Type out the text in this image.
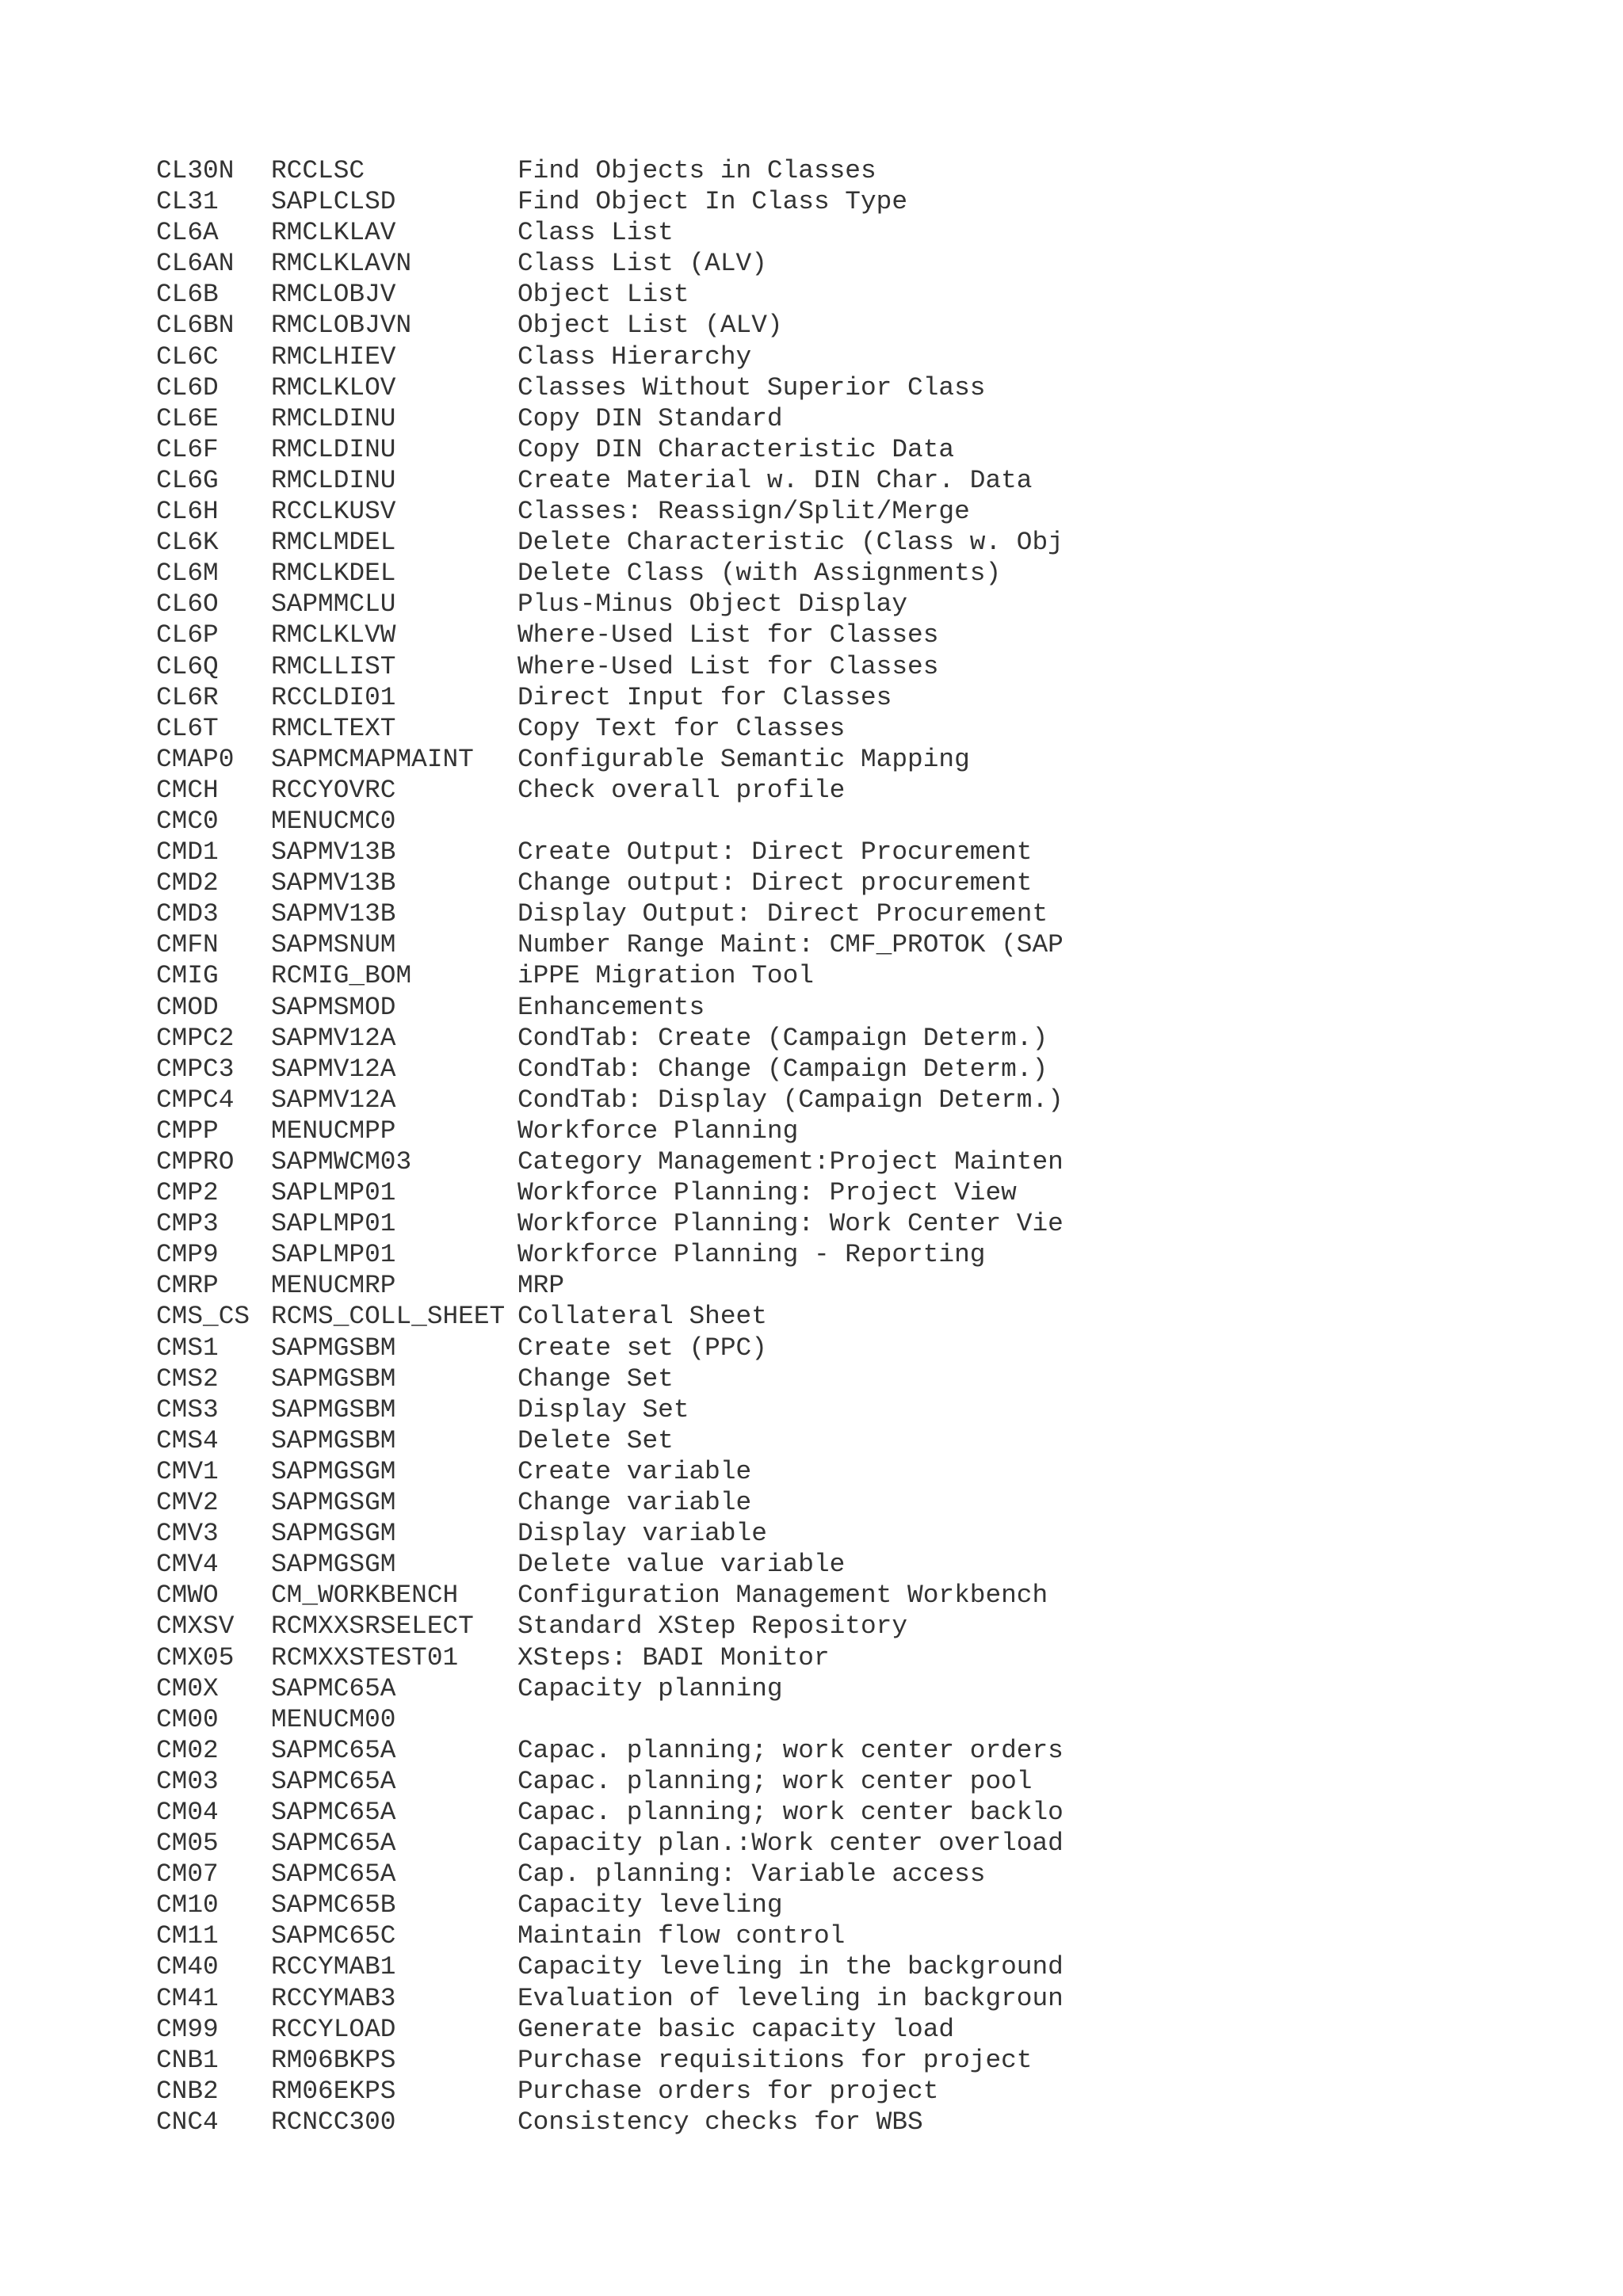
CL30N RCCLSC	Find Objects in Classes
CL31 SAPLCLSD	Find Object In Class Type
CL6A RMCLKLAV	Class List
CL6AN RMCLKLAVN	Class List (ALV)
CL6B RMCLOBJV	Object List
CL6BN RMCLOBJVN	Object List (ALV)
CL6C RMCLHIEV	Class Hierarchy
CL6D RMCLKLOV	Classes Without Superior Class
CL6E RMCLDINU	Copy DIN Standard
CL6F RMCLDINU	Copy DIN Characteristic Data
CL6G RMCLDINU	Create Material w. DIN Char. Data
CL6H RCCLKUSV	Classes: Reassign/Split/Merge
CL6K RMCLMDEL	Delete Characteristic (Class w. Obj
CL6M RMCLKDEL	Delete Class (with Assignments)
CL6O SAPMMCLU	Plus-Minus Object Display
CL6P RMCLKLVW	Where-Used List for Classes
CL6Q RMCLLIST	Where-Used List for Classes
CL6R RCCLDI01	Direct Input for Classes
CL6T RMCLTEXT	Copy Text for Classes
CMAP0 SAPMCMAPMAINT Configurable Semantic Mapping
CMCH RCCYOVRC	Check overall profile
CMC0 MENUCMC0
CMD1 SAPMV13B	Create Output: Direct Procurement
CMD2 SAPMV13B	Change output: Direct procurement
CMD3 SAPMV13B	Display Output: Direct Procurement
CMFN SAPMSNUM	Number Range Maint: CMF_PROTOK (SAP
CMIG RCMIG_BOM	iPPE Migration Tool
CMOD SAPMSMOD	Enhancements
CMPC2 SAPMV12A	CondTab: Create (Campaign Determ.)
CMPC3 SAPMV12A	CondTab: Change (Campaign Determ.)
CMPC4 SAPMV12A	CondTab: Display (Campaign Determ.)
CMPP MENUCMPP	Workforce Planning
CMPRO SAPMWCM03	Category Management:Project Mainten
CMP2 SAPLMP01	Workforce Planning: Project View
CMP3 SAPLMP01	Workforce Planning: Work Center Vie
CMP9 SAPLMP01	Workforce Planning - Reporting
CMRP MENUCMRP	MRP
CMS_CS RCMS_COLL_SHEET Collateral Sheet
CMS1 SAPMGSBM	Create set (PPC)
CMS2 SAPMGSBM	Change Set
CMS3 SAPMGSBM	Display Set
CMS4 SAPMGSBM	Delete Set
CMV1 SAPMGSGM	Create variable
CMV2 SAPMGSGM	Change variable
CMV3 SAPMGSGM	Display variable
CMV4 SAPMGSGM	Delete value variable
CMWO CM_WORKBENCH Configuration Management Workbench
CMXSV RCMXXSRSELECT Standard XStep Repository
CMX05 RCMXXSTEST01 XSteps: BADI Monitor
CM0X SAPMC65A	Capacity planning
CM00 MENUCM00
CM02 SAPMC65A	Capac. planning; work center orders
CM03 SAPMC65A	Capac. planning; work center pool
CM04 SAPMC65A	Capac. planning; work center backlo
CM05 SAPMC65A	Capacity plan.:Work center overload
CM07 SAPMC65A	Cap. planning: Variable access
CM10 SAPMC65B	Capacity leveling
CM11 SAPMC65C	Maintain flow control
CM40 RCCYMAB1	Capacity leveling in the background
CM41 RCCYMAB3	Evaluation of leveling in backgroun
CM99 RCCYLOAD	Generate basic capacity load
CNB1 RM06BKPS	Purchase requisitions for project
CNB2 RM06EKPS	Purchase orders for project
CNC4 RCNCC300	Consistency checks for WBS
